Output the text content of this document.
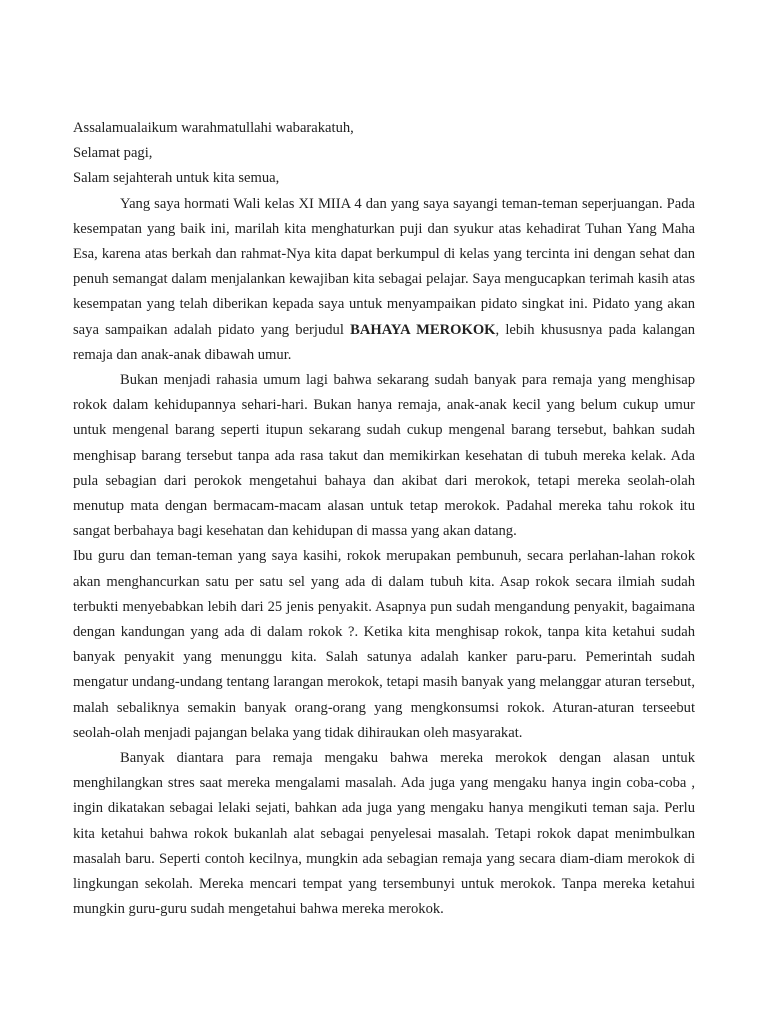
Assalamualaikum warahmatullahi wabarakatuh,

Selamat pagi,

Salam sejahterah untuk kita semua,

Yang saya hormati Wali kelas XI MIIA 4 dan yang saya sayangi teman-teman seperjuangan. Pada kesempatan yang baik ini, marilah kita menghaturkan puji dan syukur atas kehadirat Tuhan Yang Maha Esa, karena atas berkah dan rahmat-Nya kita dapat berkumpul di kelas yang tercinta ini dengan sehat dan penuh semangat dalam menjalankan kewajiban kita sebagai pelajar. Saya mengucapkan terimah kasih atas kesempatan yang telah diberikan kepada saya untuk menyampaikan pidato singkat ini. Pidato yang akan saya sampaikan adalah pidato yang berjudul BAHAYA MEROKOK, lebih khususnya pada kalangan remaja dan anak-anak dibawah umur.

Bukan menjadi rahasia umum lagi bahwa sekarang sudah banyak para remaja yang menghisap rokok dalam kehidupannya sehari-hari. Bukan hanya remaja, anak-anak kecil yang belum cukup umur untuk mengenal barang seperti itupun sekarang sudah cukup mengenal barang tersebut, bahkan sudah menghisap barang tersebut tanpa ada rasa takut dan memikirkan kesehatan di tubuh mereka kelak. Ada pula sebagian dari perokok mengetahui bahaya dan akibat dari merokok, tetapi mereka seolah-olah menutup mata dengan bermacam-macam alasan untuk tetap merokok. Padahal mereka tahu rokok itu sangat berbahaya bagi kesehatan dan kehidupan di massa yang akan datang.

Ibu guru dan teman-teman yang saya kasihi, rokok merupakan pembunuh, secara perlahan-lahan rokok akan menghancurkan satu per satu sel yang ada di dalam tubuh kita. Asap rokok secara ilmiah sudah terbukti menyebabkan lebih dari 25 jenis penyakit. Asapnya pun sudah mengandung penyakit, bagaimana dengan kandungan yang ada di dalam rokok ?. Ketika kita menghisap rokok, tanpa kita ketahui sudah banyak penyakit yang menunggu kita. Salah satunya adalah kanker paru-paru. Pemerintah sudah mengatur undang-undang tentang larangan merokok, tetapi masih banyak yang melanggar aturan tersebut, malah sebaliknya semakin banyak orang-orang yang mengkonsumsi rokok. Aturan-aturan terseebut seolah-olah menjadi pajangan belaka yang tidak dihiraukan oleh masyarakat.

Banyak diantara para remaja mengaku bahwa mereka merokok dengan alasan untuk menghilangkan stres saat mereka mengalami masalah. Ada juga yang mengaku hanya ingin coba-coba , ingin dikatakan sebagai lelaki sejati, bahkan ada juga yang mengaku hanya mengikuti teman saja. Perlu kita ketahui bahwa rokok bukanlah alat sebagai penyelesai masalah. Tetapi rokok dapat menimbulkan masalah baru. Seperti contoh kecilnya, mungkin ada sebagian remaja yang secara diam-diam merokok di lingkungan sekolah. Mereka mencari tempat yang tersembunyi untuk merokok. Tanpa mereka ketahui mungkin guru-guru sudah mengetahui bahwa mereka merokok.
